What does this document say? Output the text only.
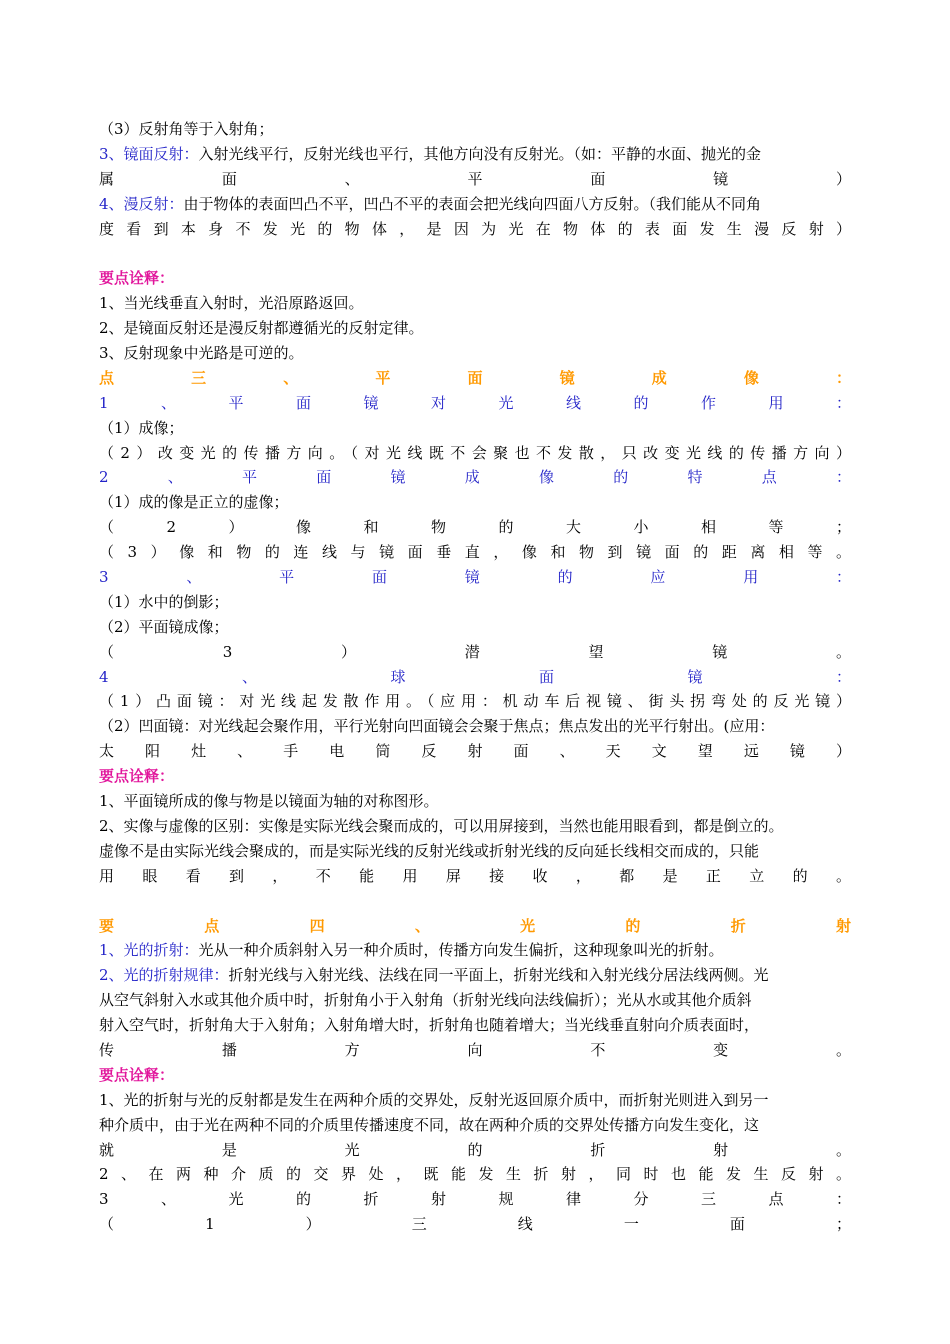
（3）反射角等于入射角；
3、镜面反射：入射光线平行，反射光线也平行，其他方向没有反射光。（如：平静的水面、抛光的金
属面、平面镜）
4、漫反射：由于物体的表面凹凸不平，凹凸不平的表面会把光线向四面八方反射。（我们能从不同角
度看到本身不发光的物体，是因为光在物体的表面发生漫反射）
要点诠释：
1、当光线垂直入射时，光沿原路返回。
2、是镜面反射还是漫反射都遵循光的反射定律。
3、反射现象中光路是可逆的。
点三、平面镜成像：
1、平面镜对光线的作用：
（1）成像；
（2）改变光的传播方向。（对光线既不会聚也不发散，只改变光线的传播方向）
2、平面镜成像的特点：
（1）成的像是正立的虚像；
（2）像和物的大小相等；
（3）像和物的连线与镜面垂直，像和物到镜面的距离相等。
3、平面镜的应用：
（1）水中的倒影；
（2）平面镜成像；
（3）潜望镜。
4、球面镜：
（1）凸面镜：对光线起发散作用。（应用：机动车后视镜、街头拐弯处的反光镜）
（2）凹面镜：对光线起会聚作用，平行光射向凹面镜会会聚于焦点；焦点发出的光平行射出。(应用：
太阳灶、手电筒反射面、天文望远镜）
要点诠释：
1、平面镜所成的像与物是以镜面为轴的对称图形。
2、实像与虚像的区别：实像是实际光线会聚而成的，可以用屏接到，当然也能用眼看到，都是倒立的。
虚像不是由实际光线会聚成的，而是实际光线的反射光线或折射光线的反向延长线相交而成的，只能
用眼看到，不能用屏接收，都是正立的。
要点四、光的折射
1、光的折射：光从一种介质斜射入另一种介质时，传播方向发生偏折，这种现象叫光的折射。
2、光的折射规律：折射光线与入射光线、法线在同一平面上，折射光线和入射光线分居法线两侧。光
从空气斜射入水或其他介质中时，折射角小于入射角（折射光线向法线偏折）；光从水或其他介质斜
射入空气时，折射角大于入射角；入射角增大时，折射角也随着增大；当光线垂直射向介质表面时，
传播方向不变。
要点诠释：
1、光的折射与光的反射都是发生在两种介质的交界处，反射光返回原介质中，而折射光则进入到另一
种介质中，由于光在两种不同的介质里传播速度不同，故在两种介质的交界处传播方向发生变化，这
就是光的折射。
2、在两种介质的交界处，既能发生折射，同时也能发生反射。
3、光的折射规律分三点：
（1）三线一面；
